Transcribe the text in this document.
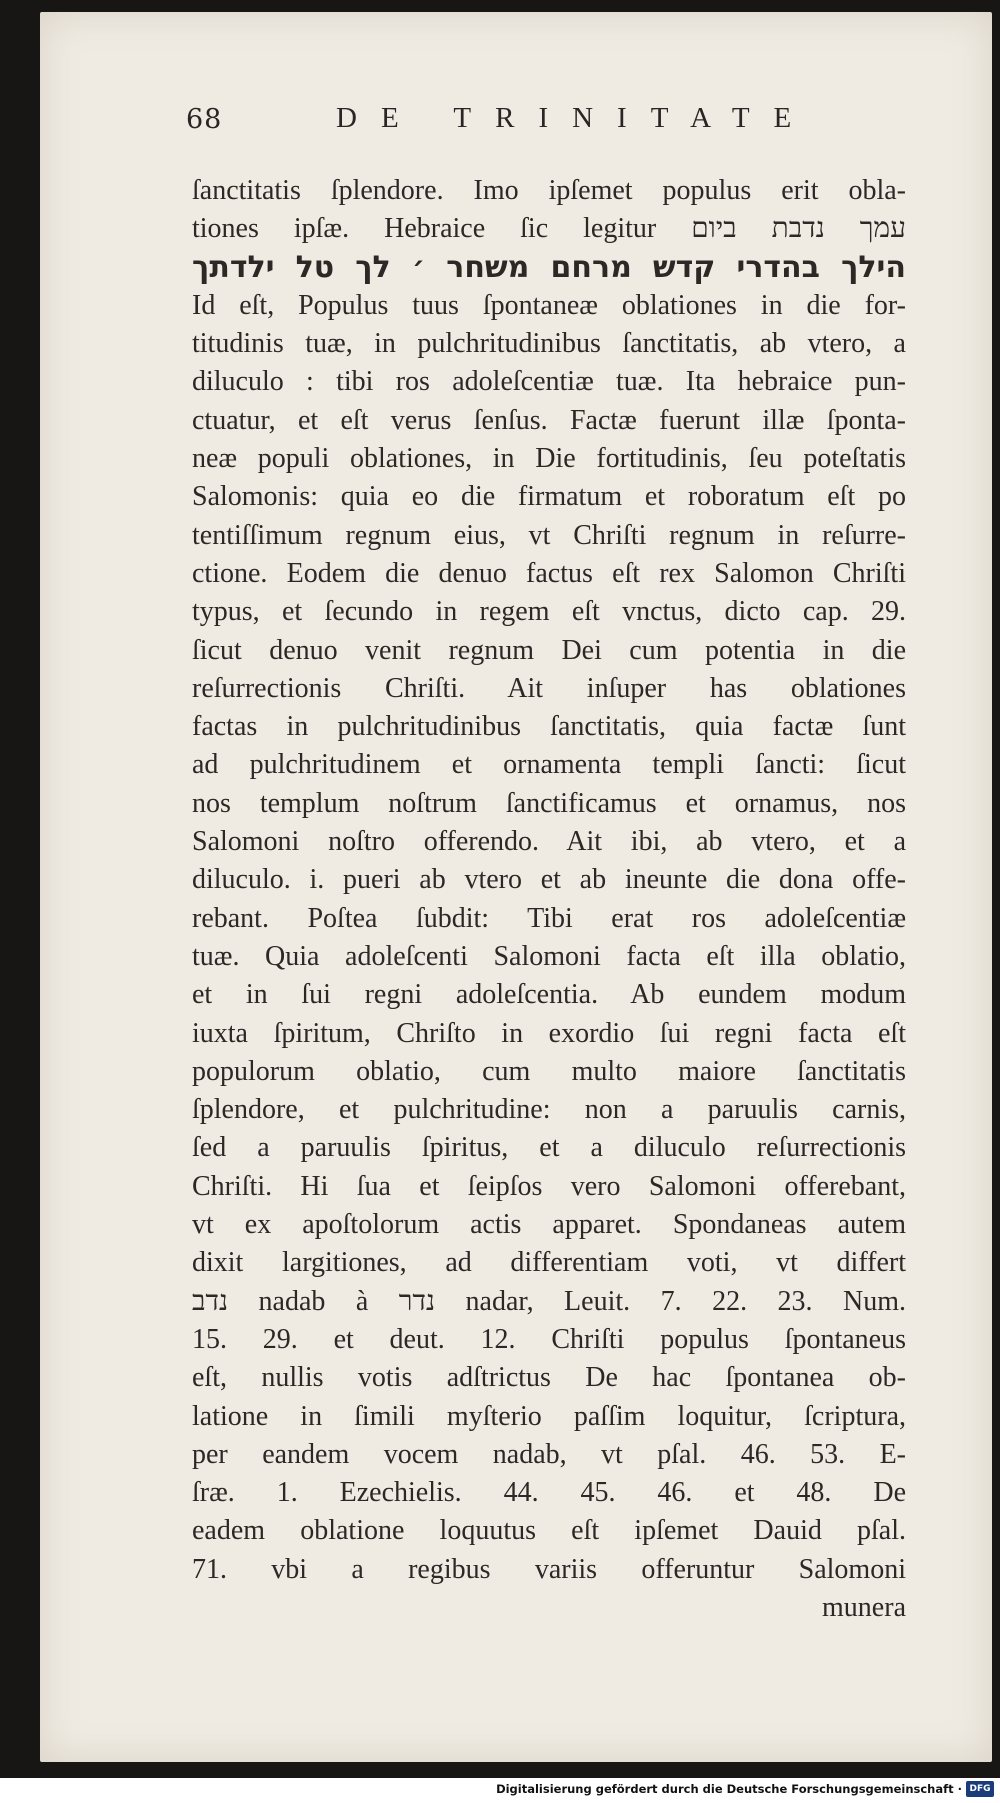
68	DE TRINITATE
ſanctitatis ſplendore. Imo ipſemet populus erit obla-
tiones ipſæ. Hebraice ſic legitur עמך נדבת ביום
הילך בהדרי קדש מרחם משחר ׳ לך טל ילדתך
Id eſt, Populus tuus ſpontaneæ oblationes in die for-
titudinis tuæ, in pulchritudinibus ſanctitatis, ab vtero, a
diluculo : tibi ros adoleſcentiæ tuæ. Ita hebraice pun-
ctuatur, et eſt verus ſenſus. Factæ fuerunt illæ ſponta-
neæ populi oblationes, in Die fortitudinis, ſeu poteſtatis
Salomonis: quia eo die firmatum et roboratum eſt po
tentiſſimum regnum eius, vt Chriſti regnum in reſurre-
ctione. Eodem die denuo factus eſt rex Salomon Chriſti
typus, et ſecundo in regem eſt vnctus, dicto cap. 29.
ſicut denuo venit regnum Dei cum potentia in die
reſurrectionis Chriſti. Ait inſuper has oblationes
factas in pulchritudinibus ſanctitatis, quia factæ ſunt
ad pulchritudinem et ornamenta templi ſancti: ſicut
nos templum noſtrum ſanctificamus et ornamus, nos
Salomoni noſtro offerendo. Ait ibi, ab vtero, et a
diluculo. i. pueri ab vtero et ab ineunte die dona offe-
rebant. Poſtea ſubdit: Tibi erat ros adoleſcentiæ
tuæ. Quia adoleſcenti Salomoni facta eſt illa oblatio,
et in ſui regni adoleſcentia. Ab eundem modum
iuxta ſpiritum, Chriſto in exordio ſui regni facta eſt
populorum oblatio, cum multo maiore ſanctitatis
ſplendore, et pulchritudine: non a paruulis carnis,
ſed a paruulis ſpiritus, et a diluculo reſurrectionis
Chriſti. Hi ſua et ſeipſos vero Salomoni offerebant,
vt ex apoſtolorum actis apparet. Spondaneas autem
dixit largitiones, ad differentiam voti, vt differt
נדב nadab à נדר nadar, Leuit. 7. 22. 23. Num.
15. 29. et deut. 12. Chriſti populus ſpontaneus
eſt, nullis votis adſtrictus De hac ſpontanea ob-
latione in ſimili myſterio paſſim loquitur, ſcriptura,
per eandem vocem nadab, vt pſal. 46. 53. E-
ſræ. 1. Ezechielis. 44. 45. 46. et 48. De
eadem oblatione loquutus eſt ipſemet Dauid pſal.
71. vbi a regibus variis offeruntur Salomoni
munera
Digitalisierung gefördert durch die Deutsche Forschungsgemeinschaft · DFG
